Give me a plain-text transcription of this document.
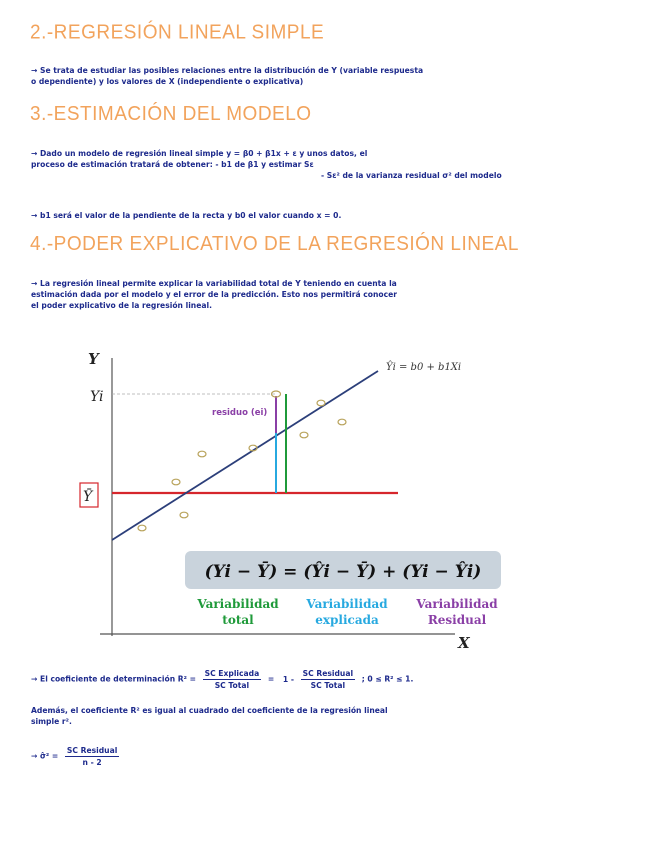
2.-REGRESIÓN LINEAL SIMPLE
→ Se trata de estudiar las posibles relaciones entre la distribución de Y (variable respuesta
o dependiente) y los valores de X (independiente o explicativa)
3.-ESTIMACIÓN DEL MODELO
→ Dado un modelo de regresión lineal simple y = β0 + β1x + ε y unos datos, el
proceso de estimación tratará de obtener: - b1 de β1 y estimar Sε
- Sε² de la varianza residual σ² del modelo
→ b1 será el valor de la pendiente de la recta y b0 el valor cuando x = 0.
4.-PODER EXPLICATIVO DE LA REGRESIÓN LINEAL
→ La regresión lineal permite explicar la variabilidad total de Y teniendo en cuenta la
estimación dada por el modelo y el error de la predicción. Esto nos permitirá conocer
el poder explicativo de la regresión lineal.
Y
X
Yi
Ȳ
Ŷi = b0 + b1Xi
residuo (ei)
(Yi − Ȳ) = (Ŷi − Ȳ) + (Yi − Ŷi)
Variabilidad
total
Variabilidad
explicada
Variabilidad
Residual
→ El coeficiente de determinación $R^2 = \frac{\text{SC Explicada}}{\text{SC Total}} = 1 - \frac{\text{SC Residual}}{\text{SC Total}}$ ; 0 ≤ R² ≤ 1.
Además, el coeficiente R² es igual al cuadrado del coeficiente de la regresión lineal
simple r².
→ σ̂² = $\frac{\text{SC Residual}}{n - 2}$
